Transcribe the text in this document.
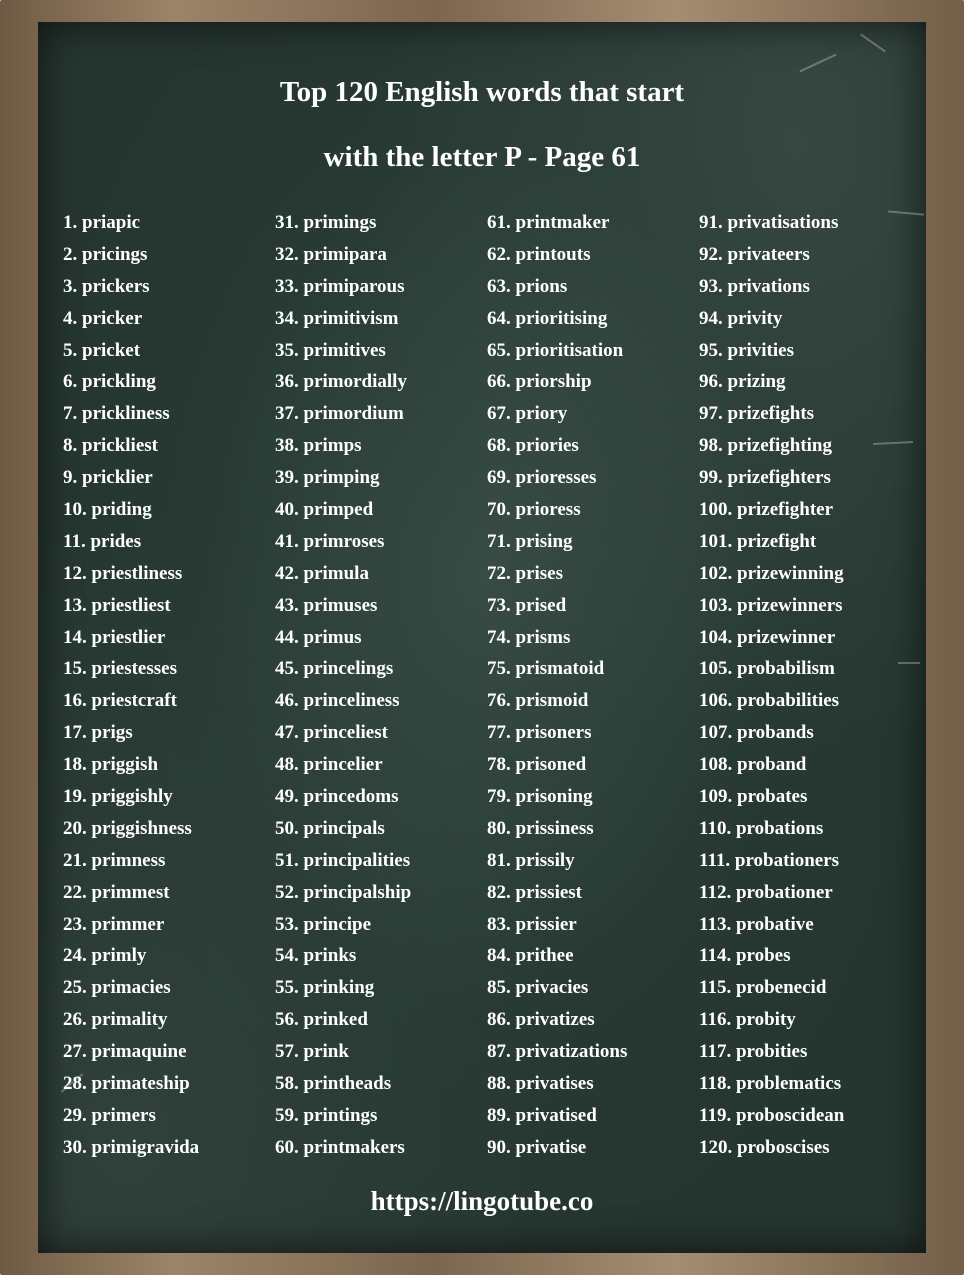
Top 120 English words that start
with the letter P - Page 61
1. priapic
2. pricings
3. prickers
4. pricker
5. pricket
6. prickling
7. prickliness
8. prickliest
9. pricklier
10. priding
11. prides
12. priestliness
13. priestliest
14. priestlier
15. priestesses
16. priestcraft
17. prigs
18. priggish
19. priggishly
20. priggishness
21. primness
22. primmest
23. primmer
24. primly
25. primacies
26. primality
27. primaquine
28. primateship
29. primers
30. primigravida
31. primings
32. primipara
33. primiparous
34. primitivism
35. primitives
36. primordially
37. primordium
38. primps
39. primping
40. primped
41. primroses
42. primula
43. primuses
44. primus
45. princelings
46. princeliness
47. princeliest
48. princelier
49. princedoms
50. principals
51. principalities
52. principalship
53. principe
54. prinks
55. prinking
56. prinked
57. prink
58. printheads
59. printings
60. printmakers
61. printmaker
62. printouts
63. prions
64. prioritising
65. prioritisation
66. priorship
67. priory
68. priories
69. prioresses
70. prioress
71. prising
72. prises
73. prised
74. prisms
75. prismatoid
76. prismoid
77. prisoners
78. prisoned
79. prisoning
80. prissiness
81. prissily
82. prissiest
83. prissier
84. prithee
85. privacies
86. privatizes
87. privatizations
88. privatises
89. privatised
90. privatise
91. privatisations
92. privateers
93. privations
94. privity
95. privities
96. prizing
97. prizefights
98. prizefighting
99. prizefighters
100. prizefighter
101. prizefight
102. prizewinning
103. prizewinners
104. prizewinner
105. probabilism
106. probabilities
107. probands
108. proband
109. probates
110. probations
111. probationers
112. probationer
113. probative
114. probes
115. probenecid
116. probity
117. probities
118. problematics
119. proboscidean
120. proboscises
https://lingotube.co
